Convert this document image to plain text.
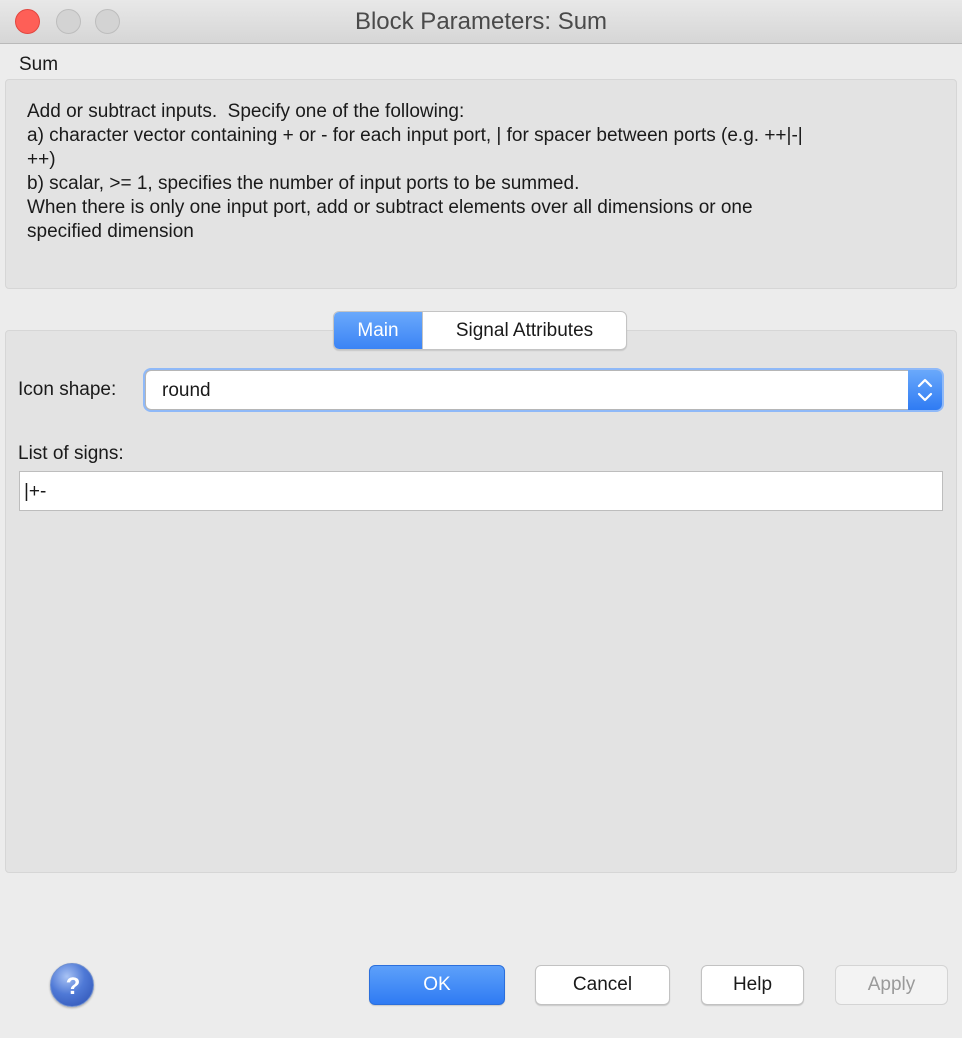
Block Parameters: Sum
Sum
Add or subtract inputs.  Specify one of the following:
a) character vector containing + or - for each input port, | for spacer between ports (e.g. ++|-|
++)
b) scalar, >= 1, specifies the number of input ports to be summed.
When there is only one input port, add or subtract elements over all dimensions or one
specified dimension
Main	Signal Attributes
Icon shape: round
List of signs:
|+-
?	OK	Cancel	Help	Apply
